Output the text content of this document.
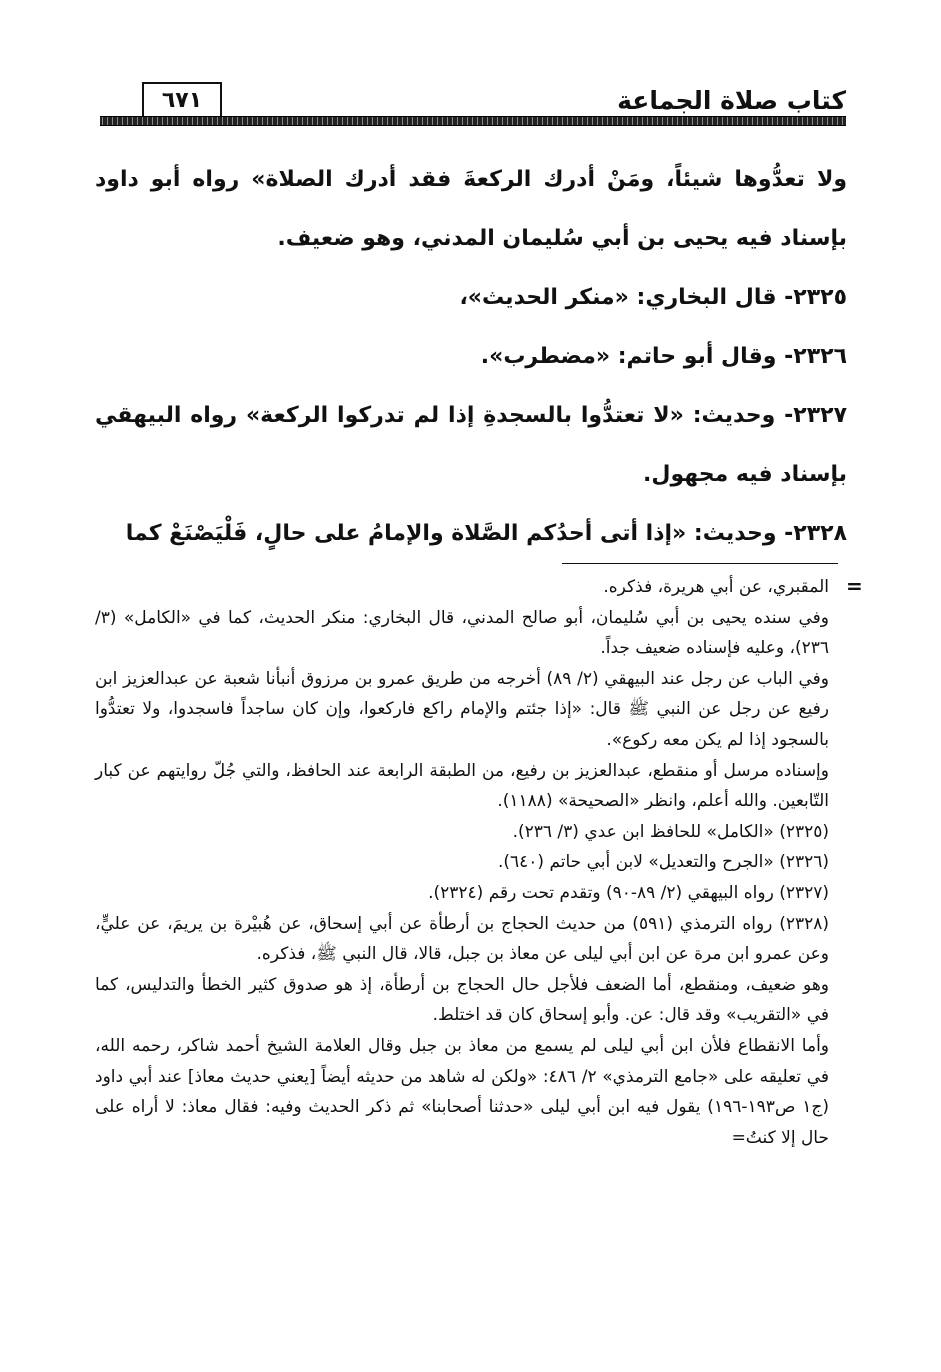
كتاب صلاة الجماعة
٦٧١

ولا تعدُّوها شيئاً، ومَنْ أدرك الركعةَ فقد أدرك الصلاة» رواه أبو داود بإسناد فيه يحيى بن أبي سُليمان المدني، وهو ضعيف.

٢٣٢٥- قال البخاري: «منكر الحديث»،

٢٣٢٦- وقال أبو حاتم: «مضطرب».

٢٣٢٧- وحديث: «لا تعتدُّوا بالسجدةِ إذا لم تدركوا الركعة» رواه البيهقي بإسناد فيه مجهول.

٢٣٢٨- وحديث: «إذا أتى أحدُكم الصَّلاة والإمامُ على حالٍ، فَلْيَصْنَعْ كما

=

المقبري، عن أبي هريرة، فذكره.

وفي سنده يحيى بن أبي سُليمان، أبو صالح المدني، قال البخاري: منكر الحديث، كما في «الكامل» (٣/ ٢٣٦)، وعليه فإسناده ضعيف جداً.

وفي الباب عن رجل عند البيهقي (٢/ ٨٩) أخرجه من طريق عمرو بن مرزوق أنبأنا شعبة عن عبدالعزيز ابن رفيع عن رجل عن النبي ﷺ قال: «إذا جئتم والإمام راكع فاركعوا، وإن كان ساجداً فاسجدوا، ولا تعتدُّوا بالسجود إذا لم يكن معه ركوع».

وإسناده مرسل أو منقطع، عبدالعزيز بن رفيع، من الطبقة الرابعة عند الحافظ، والتي جُلّ روايتهم عن كبار التّابعين. والله أعلم، وانظر «الصحيحة» (١١٨٨).

(٢٣٢٥) «الكامل» للحافظ ابن عدي (٣/ ٢٣٦).

(٢٣٢٦) «الجرح والتعديل» لابن أبي حاتم (٦٤٠).

(٢٣٢٧) رواه البيهقي (٢/ ٨٩-٩٠) وتقدم تحت رقم (٢٣٢٤).

(٢٣٢٨) رواه الترمذي (٥٩١) من حديث الحجاج بن أرطأة عن أبي إسحاق، عن هُبيْرة بن يريمَ، عن عليٍّ، وعن عمرو ابن مرة عن ابن أبي ليلى عن معاذ بن جبل، قالا، قال النبي ﷺ، فذكره.

وهو ضعيف، ومنقطع، أما الضعف فلأجل حال الحجاج بن أرطأة، إذ هو صدوق كثير الخطأ والتدليس، كما في «التقريب» وقد قال: عن. وأبو إسحاق كان قد اختلط.

وأما الانقطاع فلأن ابن أبي ليلى لم يسمع من معاذ بن جبل وقال العلامة الشيخ أحمد شاكر، رحمه الله، في تعليقه على «جامع الترمذي» ٢/ ٤٨٦: «ولكن له شاهد من حديثه أيضاً [يعني حديث معاذ] عند أبي داود (ج١ ص١٩٣-١٩٦) يقول فيه ابن أبي ليلى «حدثنا أصحابنا» ثم ذكر الحديث وفيه: فقال معاذ: لا أراه على حال إلا كنتُ=
